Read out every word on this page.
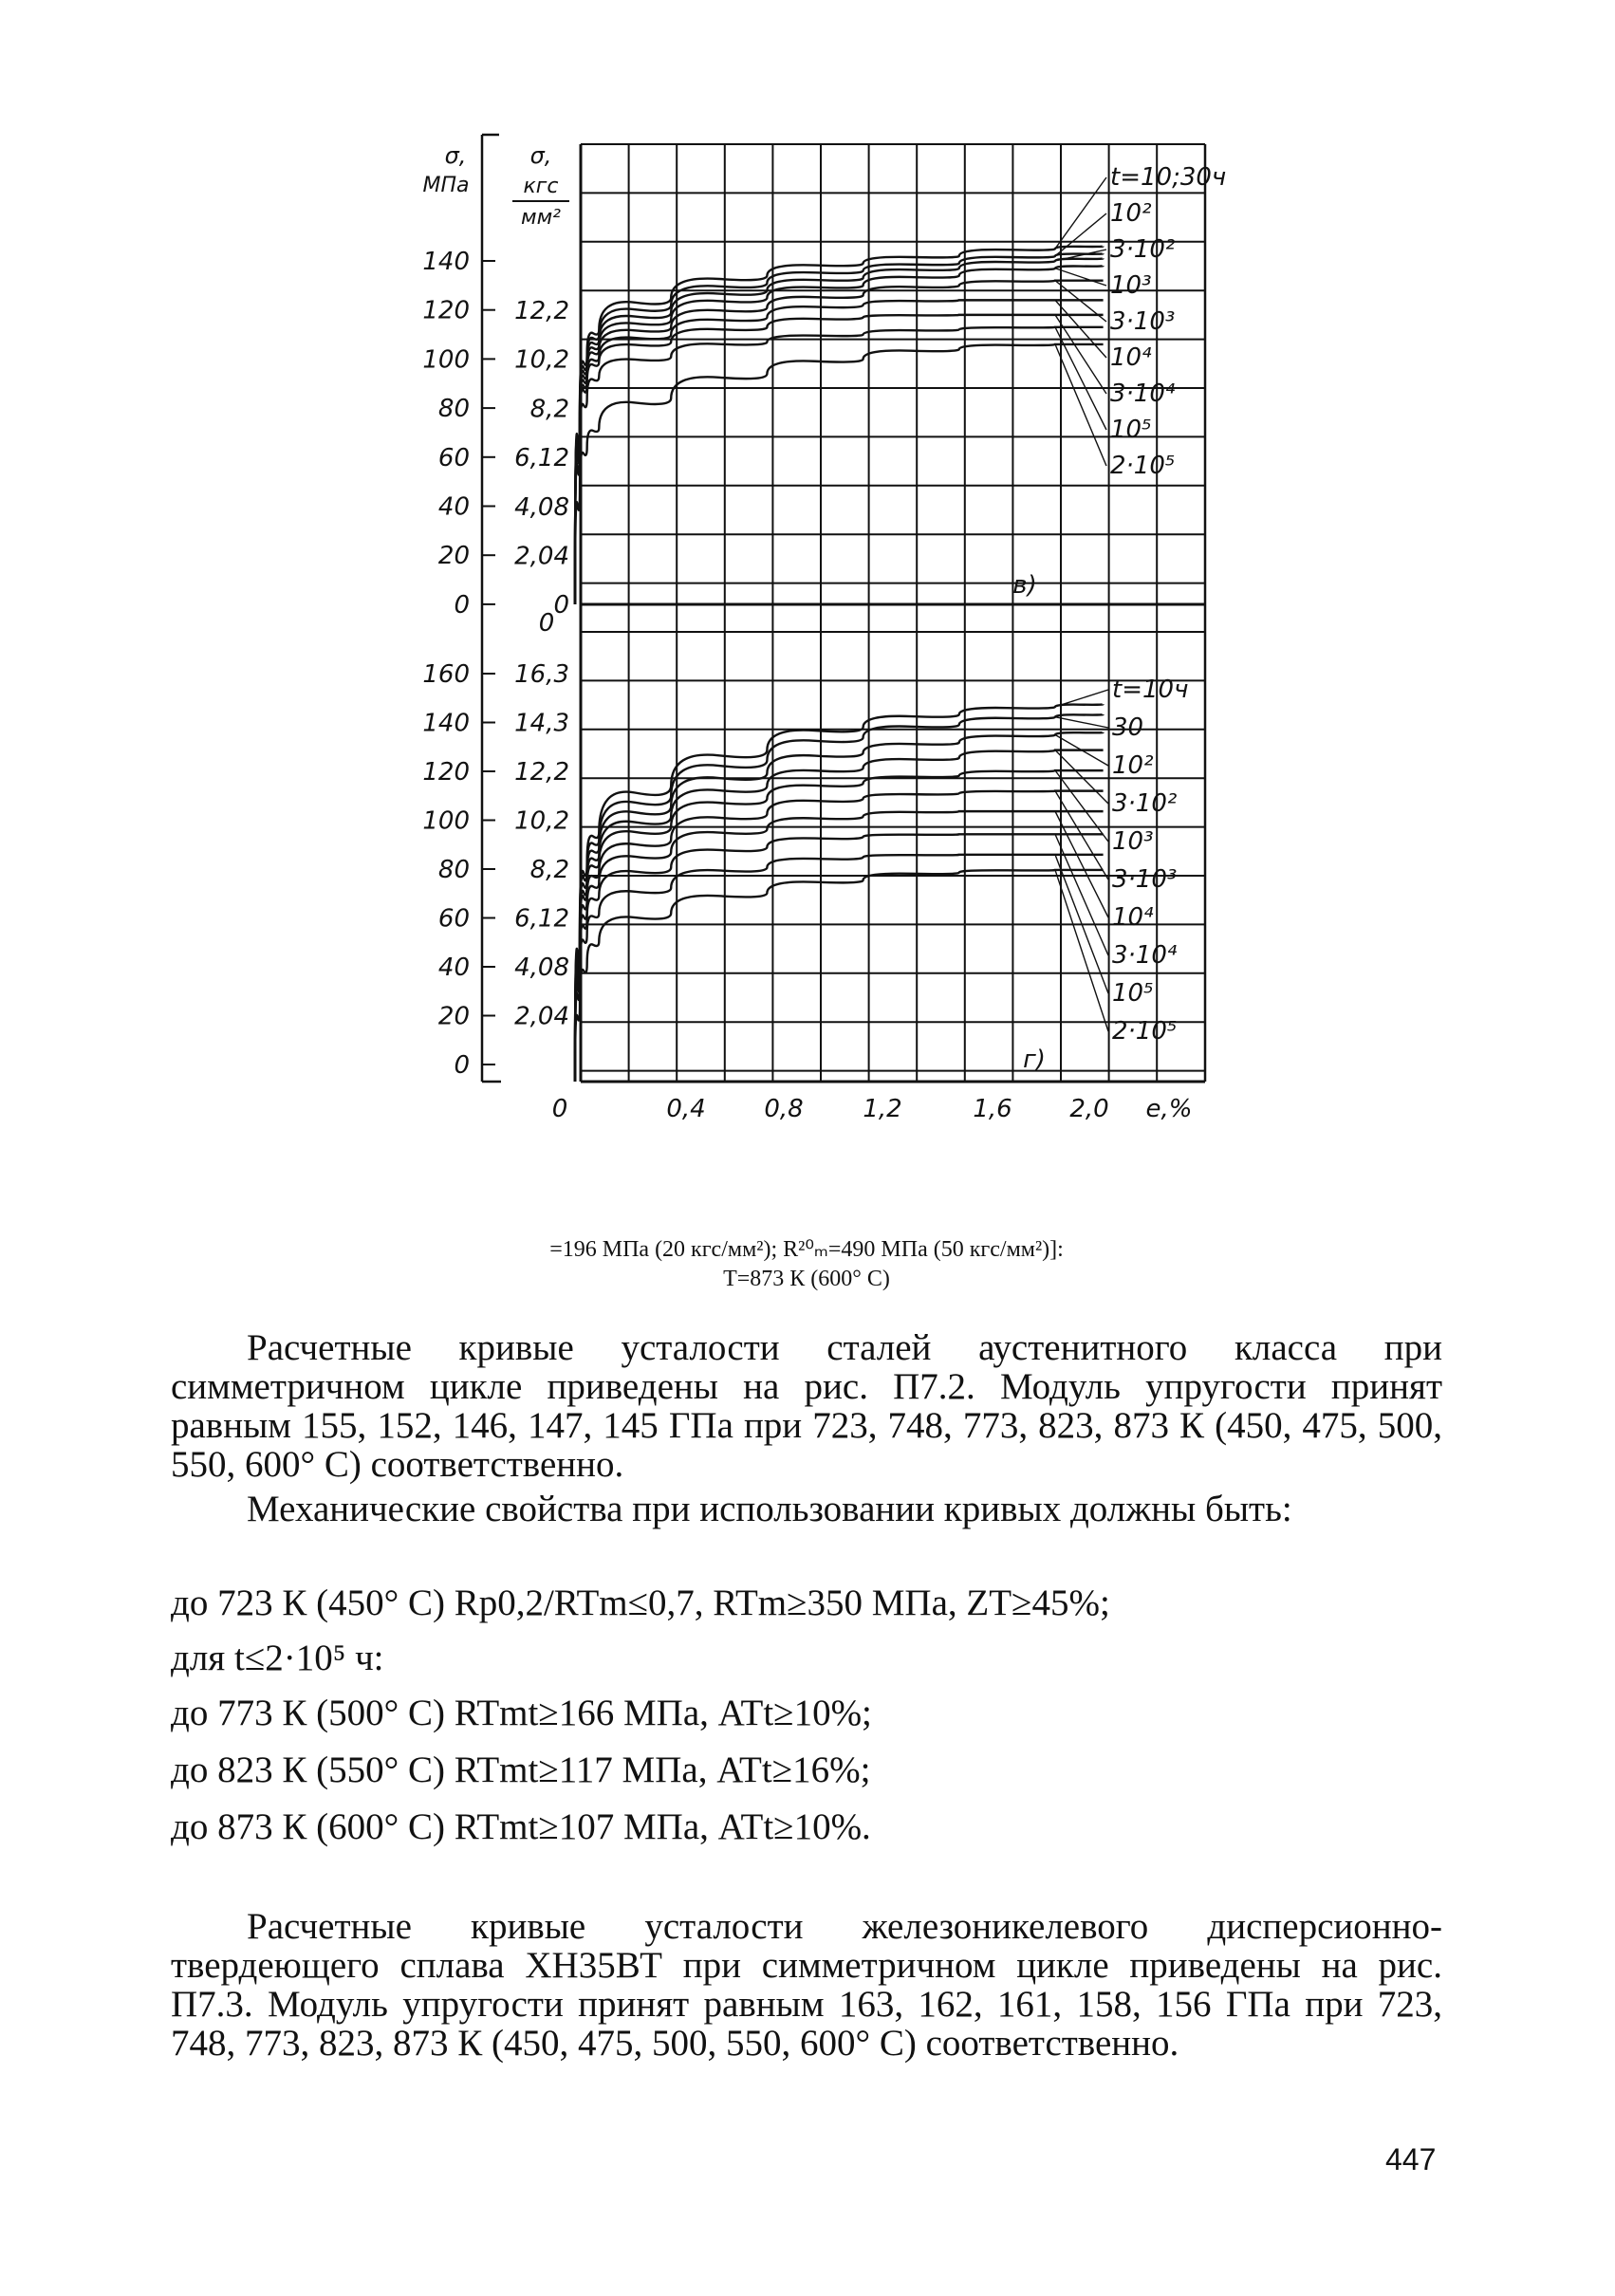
σ,
МПа
σ,
кгс
мм²
140
120
100
80
60
40
20
0
12,2
10,2
8,2
6,12
4,08
2,04
0
160
140
120
100
80
60
40
20
0
16,3
14,3
12,2
10,2
8,2
6,12
4,08
2,04
0
0	0,4 0,8 1,2	1,6 2,0 e,%
в)
г)
t=10;30ч
10²
3·10²
10³
3·10³
10⁴
3·10⁴
10⁵
2·10⁵
t=10ч
30
10²
3·10²
10³
3·10³
10⁴
3·10⁴
10⁵
2·10⁵
=196 МПа (20 кгс/мм²); R²⁰ₘ=490 МПа (50 кгс/мм²)]:
T=873 К (600° С)

Расчетные кривые усталости сталей аустенитного класса при симметричном цикле приведены на рис. П7.2. Модуль упругости принят равным 155, 152, 146, 147, 145 ГПа при 723, 748, 773, 823, 873 К (450, 475, 500, 550, 600° С) соответственно.

Механические свойства при использовании кривых должны быть:

до 723 К (450° С) Rp0,2/RTm≤0,7, RTm≥350 МПа, ZT≥45%;
для t≤2·10⁵ ч:
до 773 К (500° С) RTmt≥166 МПа, ATt≥10%;
до 823 К (550° С) RTmt≥117 МПа, ATt≥16%;
до 873 К (600° С) RTmt≥107 МПа, ATt≥10%.

Расчетные кривые усталости железоникелевого дисперсионно-твердеющего сплава ХН35ВТ при симметричном цикле приведены на рис. П7.3. Модуль упругости принят равным 163, 162, 161, 158, 156 ГПа при 723, 748, 773, 823, 873 К (450, 475, 500, 550, 600° С) соответственно.

447
